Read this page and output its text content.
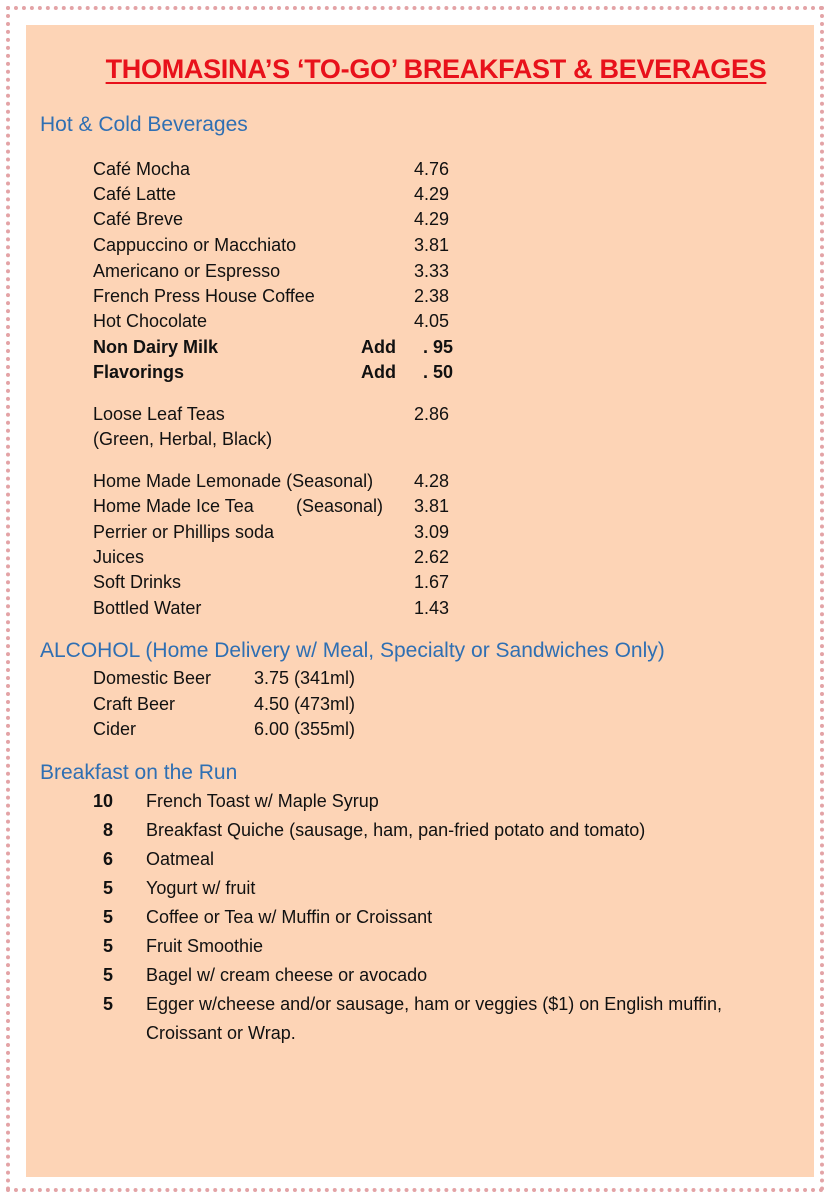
THOMASINA’S ‘TO-GO’ BREAKFAST & BEVERAGES
Hot & Cold Beverages
Café Mocha	4.76
Café Latte	4.29
Café Breve	4.29
Cappuccino or Macchiato	3.81
Americano or Espresso	3.33
French Press House Coffee	2.38
Hot Chocolate	4.05
Non Dairy Milk	Add . 95
Flavorings	Add . 50
Loose Leaf Teas	2.86
(Green, Herbal, Black)
Home Made Lemonade (Seasonal) 4.28
Home Made Ice Tea (Seasonal) 3.81
Perrier or Phillips soda	3.09
Juices	2.62
Soft Drinks	1.67
Bottled Water	1.43
ALCOHOL (Home Delivery w/ Meal, Specialty or Sandwiches Only)
Domestic Beer 3.75 (341ml)
Craft Beer	4.50 (473ml)
Cider	6.00 (355ml)
Breakfast on the Run
10 French Toast w/ Maple Syrup
8 Breakfast Quiche (sausage, ham, pan-fried potato and tomato)
6 Oatmeal
5 Yogurt w/ fruit
5 Coffee or Tea w/ Muffin or Croissant
5 Fruit Smoothie
5 Bagel w/ cream cheese or avocado
5 Egger w/cheese and/or sausage, ham or veggies ($1) on English muffin,
Croissant or Wrap.
